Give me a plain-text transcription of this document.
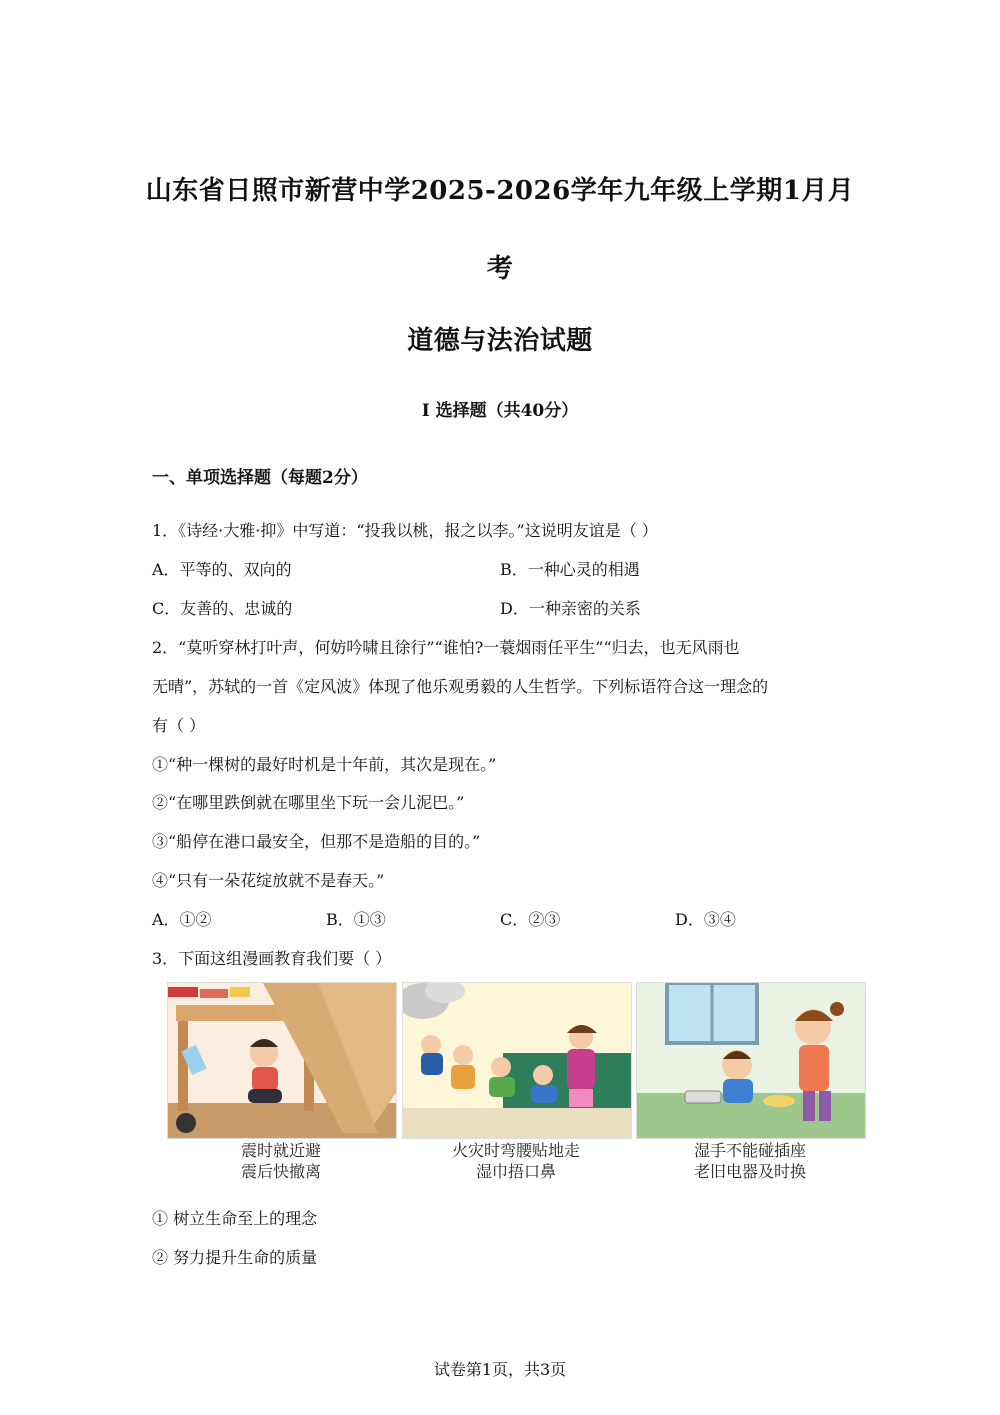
山东省日照市新营中学2025-2026学年九年级上学期1月月
考
道德与法治试题
I 选择题（共40分）
一、单项选择题（每题2分）
1．《诗经·大雅·抑》中写道：“投我以桃，报之以李。”这说明友谊是（ ）
A．平等的、双向的	B．一种心灵的相遇
C．友善的、忠诚的	D．一种亲密的关系
2．“莫听穿林打叶声，何妨吟啸且徐行”“谁怕?一蓑烟雨任平生”“归去，也无风雨也
无晴”，苏轼的一首《定风波》体现了他乐观勇毅的人生哲学。下列标语符合这一理念的
有（ ）
①“种一棵树的最好时机是十年前，其次是现在。”
②“在哪里跌倒就在哪里坐下玩一会儿泥巴。”
③“船停在港口最安全，但那不是造船的目的。”
④“只有一朵花绽放就不是春天。”
A．①②	B．①③	C．②③	D．③④
3．下面这组漫画教育我们要（ ）
震时就近避
震后快撤离
火灾时弯腰贴地走
湿巾捂口鼻
湿手不能碰插座
老旧电器及时换
① 树立生命至上的理念
② 努力提升生命的质量
试卷第1页，共3页
